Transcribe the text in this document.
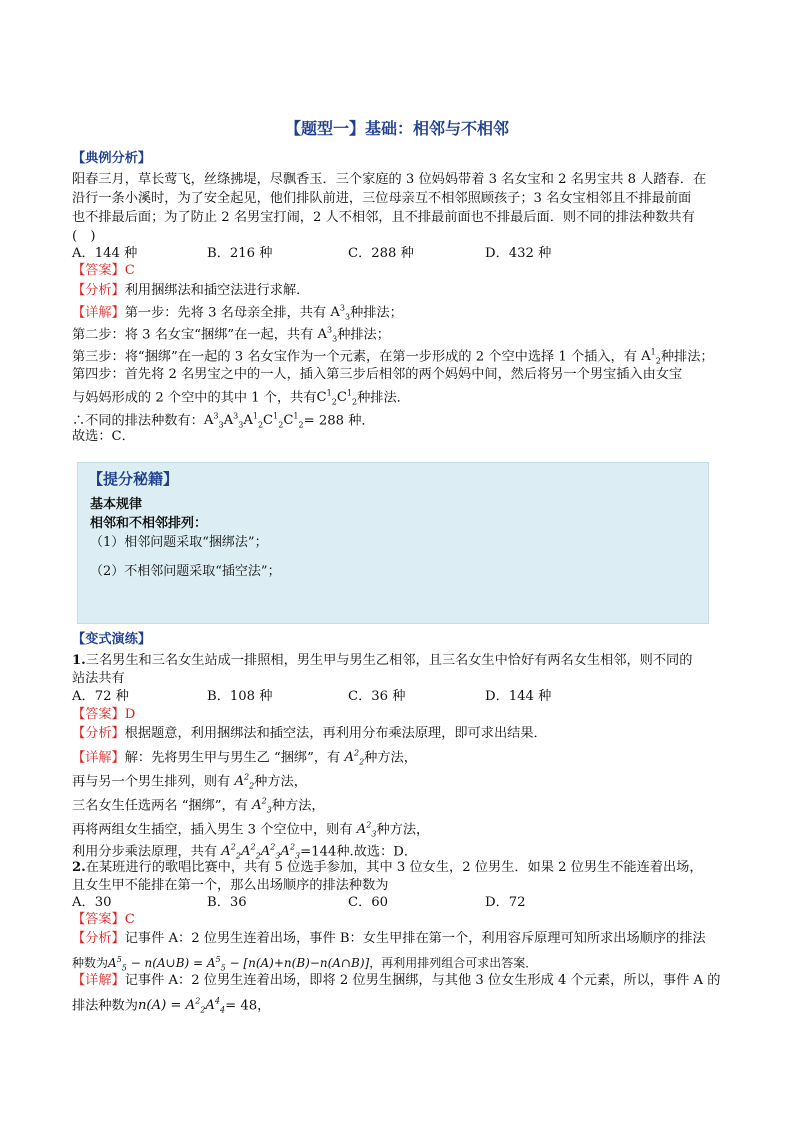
【题型一】基础：相邻与不相邻
【典例分析】
阳春三月，草长莺飞，丝绦拂堤，尽飘香玉．三个家庭的 3 位妈妈带着 3 名女宝和 2 名男宝共 8 人踏春．在
沿行一条小溪时，为了安全起见，他们排队前进，三位母亲互不相邻照顾孩子；3 名女宝相邻且不排最前面
也不排最后面；为了防止 2 名男宝打闹，2 人不相邻，且不排最前面也不排最后面．则不同的排法种数共有
(　)
A．144 种	B．216 种	C．288 种	D．432 种
【答案】C
【分析】利用捆绑法和插空法进行求解．
【详解】第一步：先将 3 名母亲全排，共有 $A^3_3$种排法；
第二步：将 3 名女宝“捆绑”在一起，共有 $A^3_3$种排法；
第三步：将“捆绑”在一起的 3 名女宝作为一个元素，在第一步形成的 2 个空中选择 1 个插入，有 $A^1_2$种排法；
第四步：首先将 2 名男宝之中的一人，插入第三步后相邻的两个妈妈中间，然后将另一个男宝插入由女宝
与妈妈形成的 2 个空中的其中 1 个，共有$C^1_2C^1_2$种排法．
∴不同的排法种数有：$A^3_3A^3_3A^1_2C^1_2C^1_2= 288$ 种．
故选：C．
【提分秘籍】
基本规律
相邻和不相邻排列：
（1）相邻问题采取“捆绑法”；
（2）不相邻问题采取“插空法”；
【变式演练】
1.三名男生和三名女生站成一排照相，男生甲与男生乙相邻，且三名女生中恰好有两名女生相邻，则不同的
站法共有
A．72 种	B．108 种	C．36 种	D．144 种
【答案】D
【分析】根据题意，利用捆绑法和插空法，再利用分布乘法原理，即可求出结果．
【详解】解：先将男生甲与男生乙 “捆绑”，有 $A^2_2$种方法，
再与另一个男生排列，则有 $A^2_2$种方法，
三名女生任选两名 “捆绑”，有 $A^2_3$种方法，
再将两组女生插空，插入男生 3 个空位中，则有 $A^2_3$种方法，
利用分步乘法原理，共有 $A^2_2A^2_2A^2_3A^2_3=144$种.故选：D．
2.在某班进行的歌唱比赛中，共有 5 位选手参加，其中 3 位女生，2 位男生．如果 2 位男生不能连着出场，
且女生甲不能排在第一个，那么出场顺序的排法种数为
A．30	B．36	C．60	D．72
【答案】C
【分析】记事件 A：2 位男生连着出场，事件 B：女生甲排在第一个，利用容斥原理可知所求出场顺序的排法
种数为$A^5_5$ − n(A∪B) = $A^5_5$ − [n(A)+n(B)−n(A∩B)]，再利用排列组合可求出答案．
【详解】记事件 A：2 位男生连着出场，即将 2 位男生捆绑，与其他 3 位女生形成 4 个元素，所以，事件 A 的
排法种数为$n(A) = A^2_2A^4_4= 48$，
